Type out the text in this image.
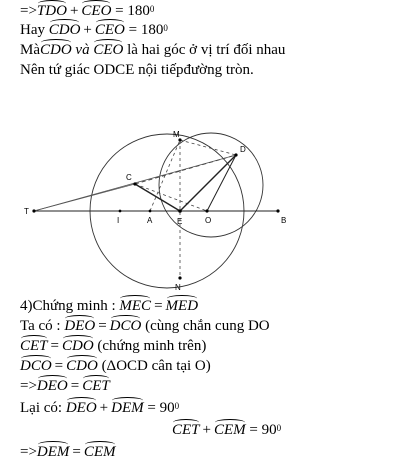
=>TDO + CEO = $180^0$
Hay CDO + CEO = $180^0$
MàCDO và CEO là hai góc ở vị trí đối nhau
Nên tứ giác ODCE nội tiếpđường tròn.
T
I	A	E	O	B
M
C
D
N
4)Chứng minh : MEC = MED
Ta có : DEO = DCO (cùng chắn cung DO
CET = CDO (chứng minh trên)
DCO = CDO (ΔOCD cân tại O)
=>DEO = CET
Lại có: DEO + DEM = $90^0$
CET + CEM = $90^0$
=>DEM = CEM
